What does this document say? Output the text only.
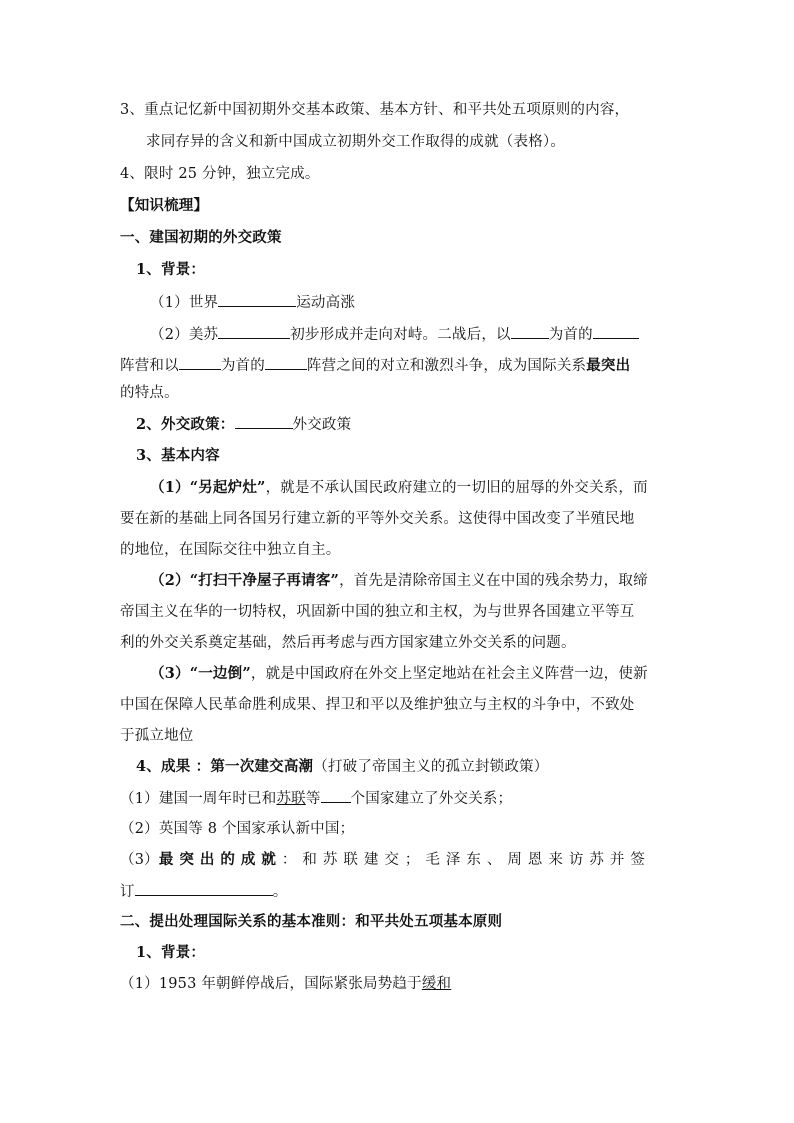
3、重点记忆新中国初期外交基本政策、基本方针、和平共处五项原则的内容，
求同存异的含义和新中国成立初期外交工作取得的成就（表格）。
4、限时 25 分钟，独立完成。
【知识梳理】
一、建国初期的外交政策
1、背景：
（1）世界	运动高涨
（2）美苏	初步形成并走向对峙。二战后，以	为首的
阵营和以	为首的	阵营之间的对立和激烈斗争，成为国际关系最突出
的特点。
2、外交政策：	外交政策
3、基本内容
（1）“另起炉灶”，就是不承认国民政府建立的一切旧的屈辱的外交关系，而
要在新的基础上同各国另行建立新的平等外交关系。这使得中国改变了半殖民地
的地位，在国际交往中独立自主。
（2）“打扫干净屋子再请客”，首先是清除帝国主义在中国的残余势力，取缔
帝国主义在华的一切特权，巩固新中国的独立和主权，为与世界各国建立平等互
利的外交关系奠定基础，然后再考虑与西方国家建立外交关系的问题。
（3）“一边倒”，就是中国政府在外交上坚定地站在社会主义阵营一边，使新
中国在保障人民革命胜利成果、捍卫和平以及维护独立与主权的斗争中，不致处
于孤立地位
4、成果 ：第一次建交高潮（打破了帝国主义的孤立封锁政策）
（1）建国一周年时已和苏联等 个国家建立了外交关系；
（2）英国等 8 个国家承认新中国；
（3）最突出的成就：和苏联建交；毛泽东、周恩来访苏并签
订	。
二、提出处理国际关系的基本准则：和平共处五项基本原则
1、背景：
（1）1953 年朝鲜停战后，国际紧张局势趋于缓和
